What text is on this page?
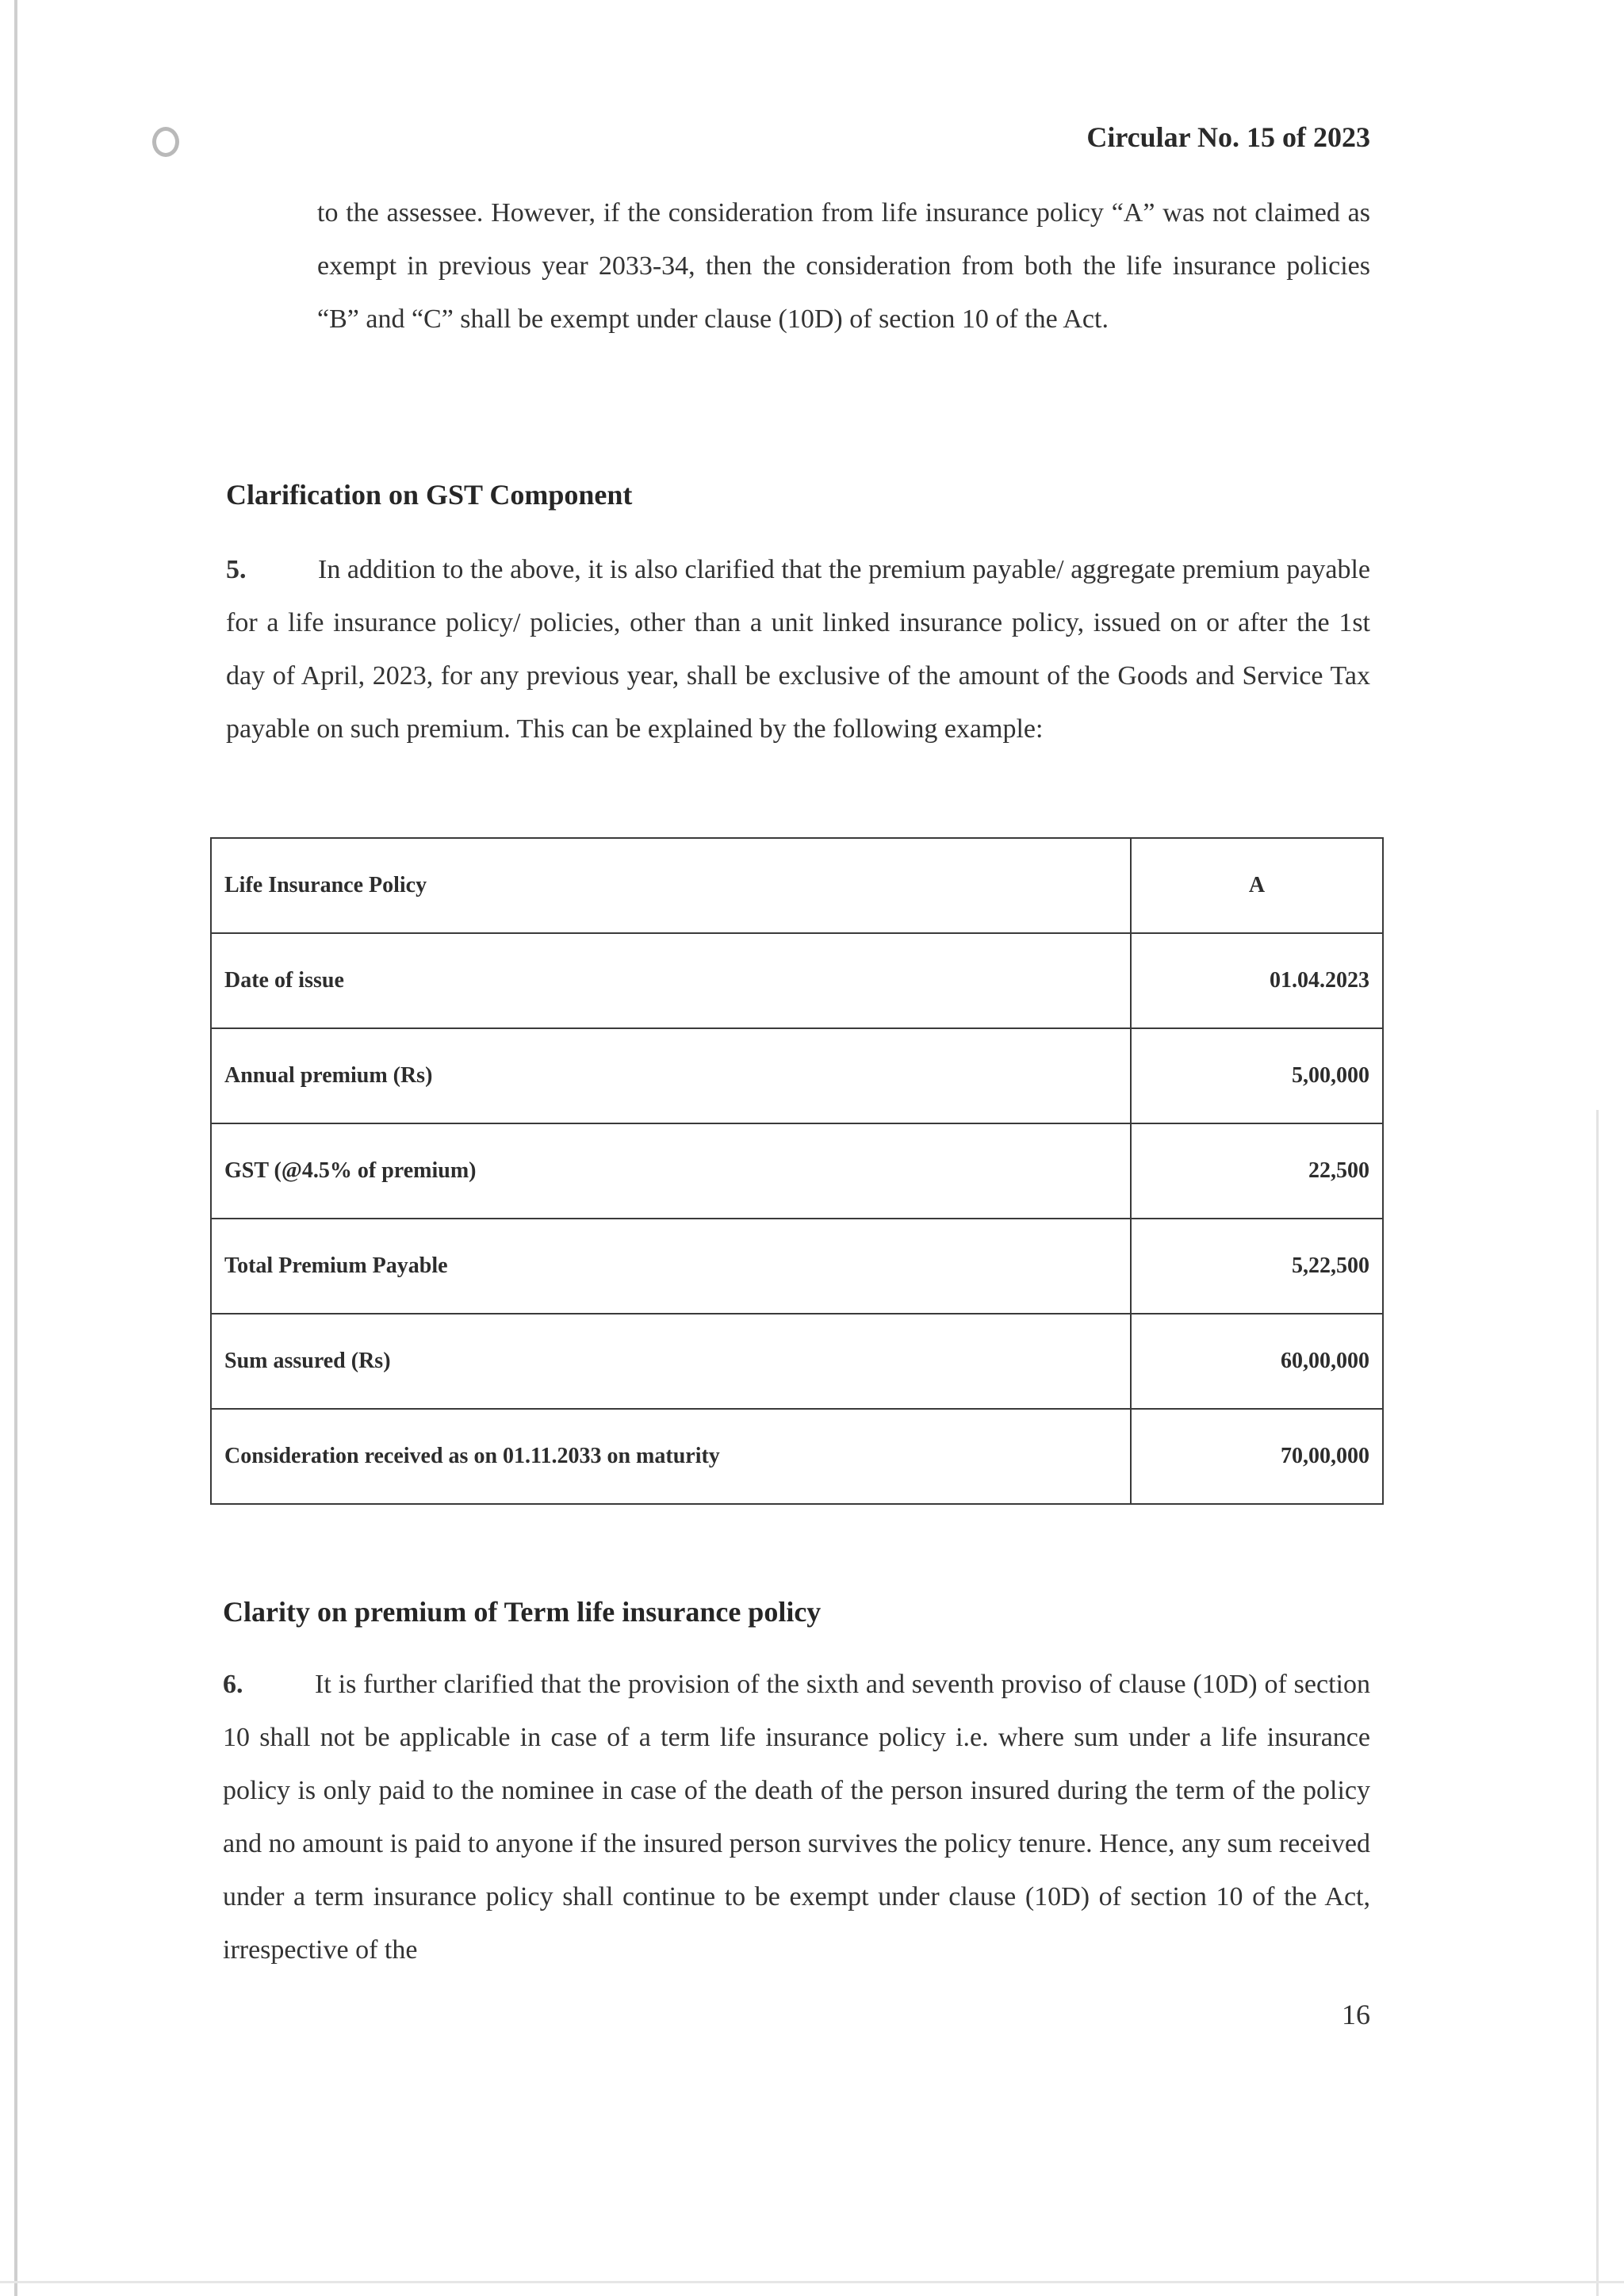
Circular No. 15 of 2023

to the assessee. However, if the consideration from life insurance policy “A” was not claimed as exempt in previous year 2033-34, then the consideration from both the life insurance policies “B” and “C” shall be exempt under clause (10D) of section 10 of the Act.

Clarification on GST Component

5.	In addition to the above, it is also clarified that the premium payable/ aggregate premium payable for a life insurance policy/ policies, other than a unit linked insurance policy, issued on or after the 1st day of April, 2023, for any previous year, shall be exclusive of the amount of the Goods and Service Tax payable on such premium. This can be explained by the following example:

Life Insurance Policy	A
Date of issue	01.04.2023
Annual premium (Rs)	5,00,000
GST (@4.5% of premium)	22,500
Total Premium Payable	5,22,500
Sum assured (Rs)	60,00,000
Consideration received as on 01.11.2033 on maturity	70,00,000
Clarity on premium of Term life insurance policy

6.	It is further clarified that the provision of the sixth and seventh proviso of clause (10D) of section 10 shall not be applicable in case of a term life insurance policy i.e. where sum under a life insurance policy is only paid to the nominee in case of the death of the person insured during the term of the policy and no amount is paid to anyone if the insured person survives the policy tenure. Hence, any sum received under a term insurance policy shall continue to be exempt under clause (10D) of section 10 of the Act, irrespective of the

16
